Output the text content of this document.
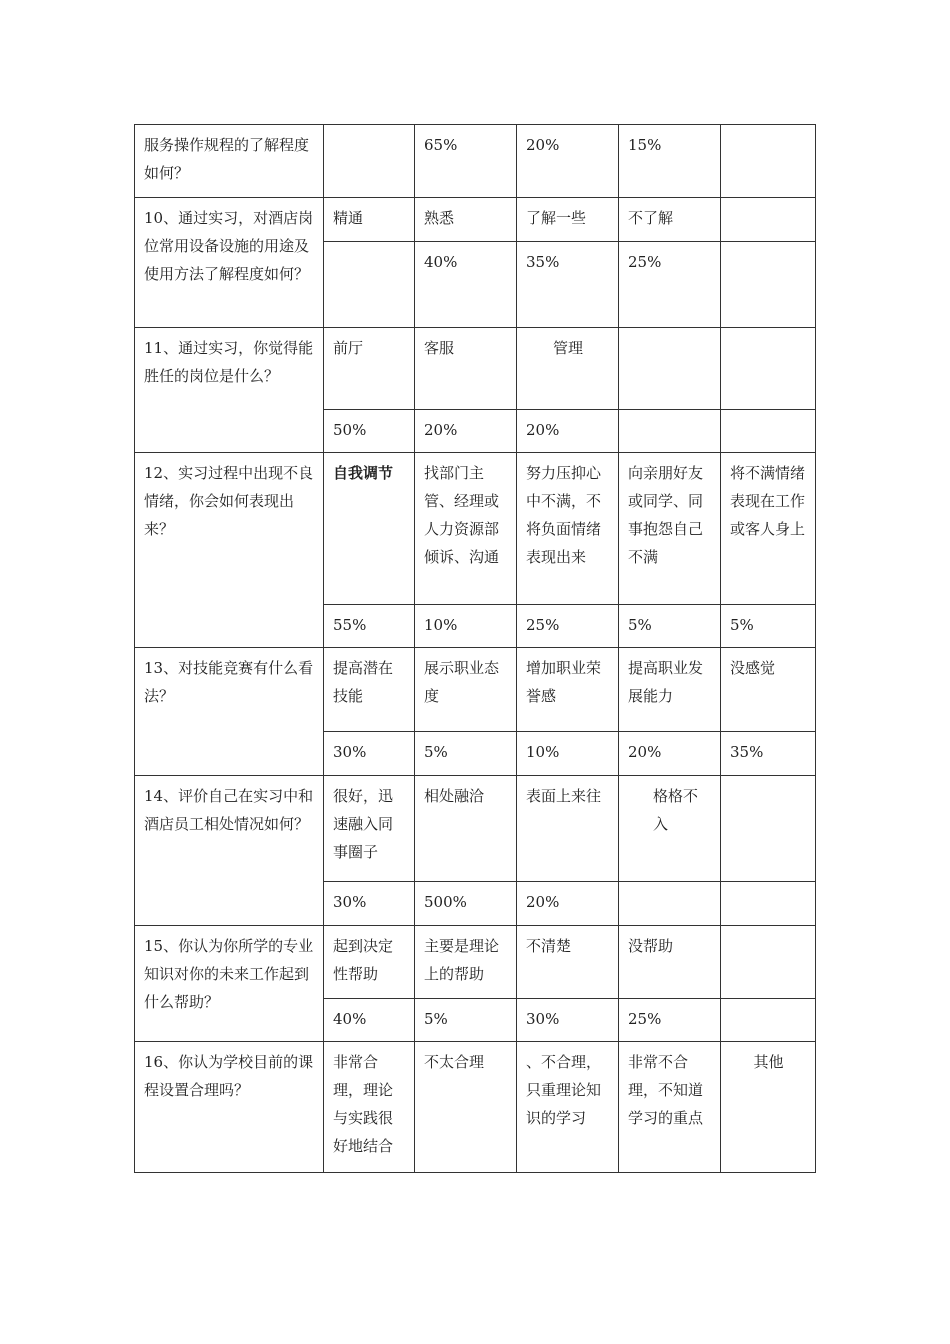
服务操作规程的了解程度如何？		65%	20%	15%	
10、通过实习，对酒店岗位常用设备设施的用途及使用方法了解程度如何？	精通	熟悉	了解一些	不了解	
		40%	35%	25%	
11、通过实习，你觉得能胜任的岗位是什么？	前厅	客服	管理		
	50%	20%	20%		
12、实习过程中出现不良情绪，你会如何表现出来？	自我调节	找部门主管、经理或人力资源部倾诉、沟通	努力压抑心中不满，不将负面情绪表现出来	向亲朋好友或同学、同事抱怨自己不满	将不满情绪表现在工作或客人身上
	55%	10%	25%	5%	5%
13、对技能竞赛有什么看法？	提高潜在技能	展示职业态度	增加职业荣誉感	提高职业发展能力	没感觉
	30%	5%	10%	20%	35%
14、评价自己在实习中和酒店员工相处情况如何？	很好，迅速融入同事圈子	相处融洽	表面上来往	格格不入	
	30%	500%	20%		
15、你认为你所学的专业知识对你的未来工作起到什么帮助？	起到决定性帮助	主要是理论上的帮助	不清楚	没帮助	
	40%	5%	30%	25%	
16、你认为学校目前的课程设置合理吗？	非常合理，理论与实践很好地结合	不太合理	、不合理，只重理论知识的学习	非常不合理，不知道学习的重点	其他
